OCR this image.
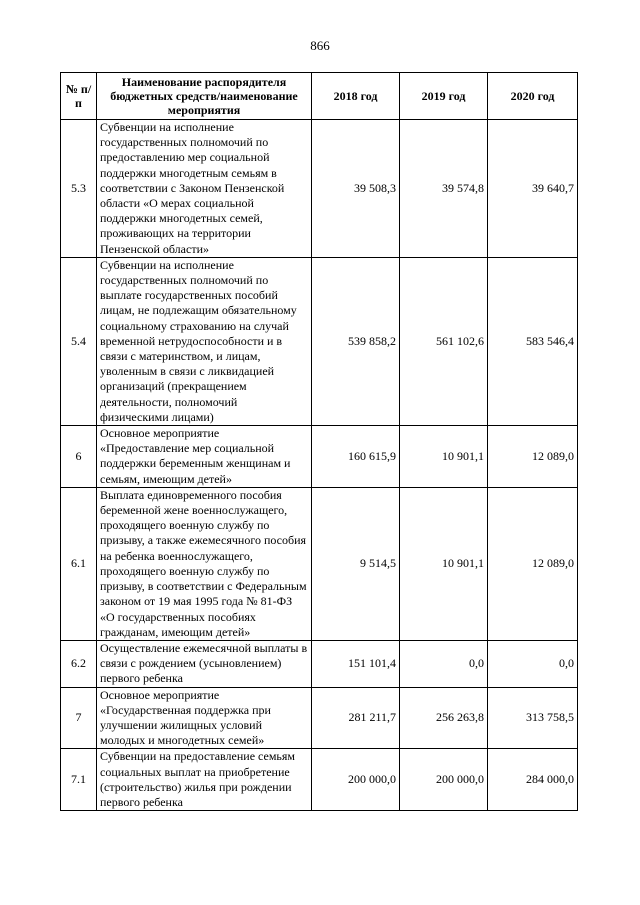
866
№ п/п	Наименование распорядителя бюджетных средств/наименование мероприятия	2018 год	2019 год	2020 год
5.3	Субвенции на исполнение государственных полномочий по предоставлению мер социальной поддержки многодетным семьям в соответствии с Законом Пензенской области «О мерах социальной поддержки многодетных семей, проживающих на территории Пензенской области»	39 508,3	39 574,8	39 640,7
5.4	Субвенции на исполнение государственных полномочий по выплате государственных пособий лицам, не подлежащим обязательному социальному страхованию на случай временной нетрудоспособности и в связи с материнством, и лицам, уволенным в связи с ликвидацией организаций (прекращением деятельности, полномочий физическими лицами)	539 858,2	561 102,6	583 546,4
6	Основное мероприятие «Предоставление мер социальной поддержки беременным женщинам и семьям, имеющим детей»	160 615,9	10 901,1	12 089,0
6.1	Выплата единовременного пособия беременной жене военнослужащего, проходящего военную службу по призыву, а также ежемесячного пособия на ребенка военнослужащего, проходящего военную службу по призыву, в соответствии с Федеральным законом от 19 мая 1995 года № 81-ФЗ «О государственных пособиях гражданам, имеющим детей»	9 514,5	10 901,1	12 089,0
6.2	Осуществление ежемесячной выплаты в связи с рождением (усыновлением) первого ребенка	151 101,4	0,0	0,0
7	Основное мероприятие «Государственная поддержка при улучшении жилищных условий молодых и многодетных семей»	281 211,7	256 263,8	313 758,5
7.1	Субвенции на предоставление семьям социальных выплат на приобретение (строительство) жилья при рождении первого ребенка	200 000,0	200 000,0	284 000,0
